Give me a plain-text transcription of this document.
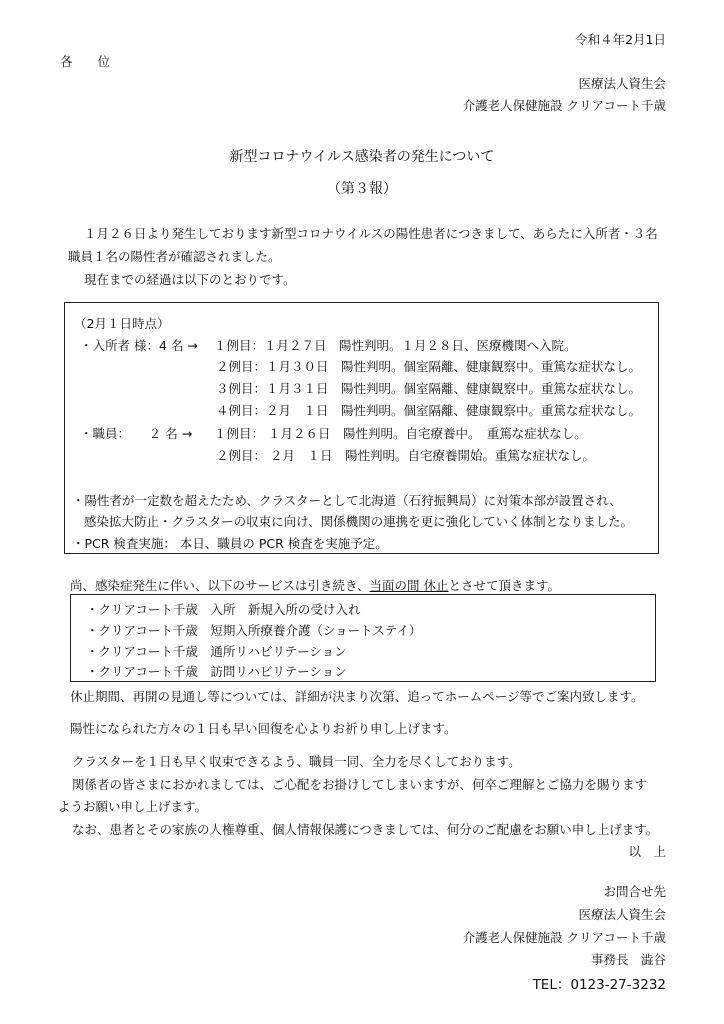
令和４年2月1日
各　　位
医療法人資生会
介護老人保健施設 クリアコート千歳
新型コロナウイルス感染者の発生について
（第３報）
１月２６日より発生しております新型コロナウイルスの陽性患者につきまして、あらたに入所者・３名
職員１名の陽性者が確認されました。
現在までの経過は以下のとおりです。
（2月１日時点）
・入所者 様：4 名 → １例目：１月２７日　陽性判明。１月２８日、医療機関へ入院。
２例目：１月３０日　陽性判明。個室隔離、健康観察中。重篤な症状なし。
３例目：１月３１日　陽性判明。個室隔離、健康観察中。重篤な症状なし。
４例目：２月　１日　陽性判明。個室隔離、健康観察中。重篤な症状なし。
・職員：　　２ 名 → １例目： １月２６日　陽性判明。自宅療養中。　重篤な症状なし。
２例目： ２月　１日　陽性判明。自宅療養開始。重篤な症状なし。
・陽性者が一定数を超えたため、クラスターとして北海道（石狩振興局）に対策本部が設置され、
感染拡大防止・クラスターの収束に向け、関係機関の連携を更に強化していく体制となりました。
・PCR 検査実施： 本日、職員の PCR 検査を実施予定。
尚、感染症発生に伴い、以下のサービスは引き続き、当面の間 休止とさせて頂きます。
・クリアコート千歳　入所　新規入所の受け入れ
・クリアコート千歳　短期入所療養介護（ショートステイ）
・クリアコート千歳　通所リハビリテーション
・クリアコート千歳　訪問リハビリテーション
休止期間、再開の見通し等については、詳細が決まり次第、追ってホームページ等でご案内致します。
陽性になられた方々の１日も早い回復を心よりお祈り申し上げます。
クラスターを１日も早く収束できるよう、職員一同、全力を尽くしております。
関係者の皆さまにおかれましては、ご心配をお掛けしてしまいますが、何卒ご理解とご協力を賜ります
ようお願い申し上げます。
なお、患者とその家族の人権尊重、個人情報保護につきましては、何分のご配慮をお願い申し上げます。
以　上
お問合せ先
医療法人資生会
介護老人保健施設 クリアコート千歳
事務長　澁谷
TEL：0123-27-3232
